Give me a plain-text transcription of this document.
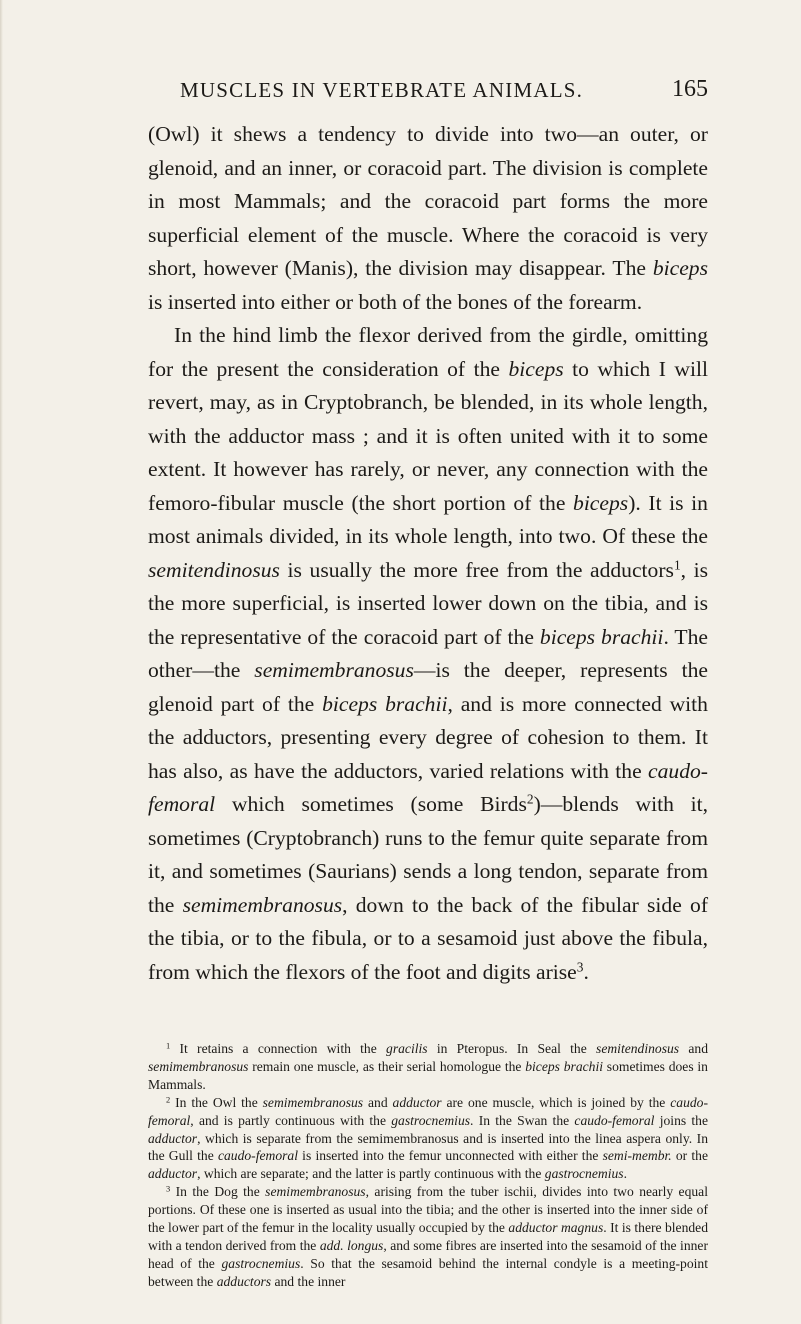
MUSCLES IN VERTEBRATE ANIMALS.	165

(Owl) it shews a tendency to divide into two—an outer, or glenoid, and an inner, or coracoid part. The division is complete in most Mammals; and the coracoid part forms the more superficial element of the muscle. Where the coracoid is very short, however (Manis), the division may disappear. The biceps is inserted into either or both of the bones of the forearm.

In the hind limb the flexor derived from the girdle, omitting for the present the consideration of the biceps to which I will revert, may, as in Cryptobranch, be blended, in its whole length, with the adductor mass ; and it is often united with it to some extent. It however has rarely, or never, any connection with the femoro-fibular muscle (the short portion of the biceps). It is in most animals divided, in its whole length, into two. Of these the semitendinosus is usually the more free from the adductors$^1$, is the more superficial, is inserted lower down on the tibia, and is the representative of the coracoid part of the biceps brachii. The other—the semimembranosus—is the deeper, represents the glenoid part of the biceps brachii, and is more connected with the adductors, presenting every degree of cohesion to them. It has also, as have the adductors, varied relations with the caudo-femoral which sometimes (some Birds$^2$)—blends with it, sometimes (Cryptobranch) runs to the femur quite separate from it, and sometimes (Saurians) sends a long tendon, separate from the semimembranosus, down to the back of the fibular side of the tibia, or to the fibula, or to a sesamoid just above the fibula, from which the flexors of the foot and digits arise$^3$.

$^1$ It retains a connection with the gracilis in Pteropus. In Seal the semitendinosus and semimembranosus remain one muscle, as their serial homologue the biceps brachii sometimes does in Mammals.

$^2$ In the Owl the semimembranosus and adductor are one muscle, which is joined by the caudo-femoral, and is partly continuous with the gastrocnemius. In the Swan the caudo-femoral joins the adductor, which is separate from the semimembranosus and is inserted into the linea aspera only. In the Gull the caudo-femoral is inserted into the femur unconnected with either the semi-membr. or the adductor, which are separate; and the latter is partly continuous with the gastrocnemius.

$^3$ In the Dog the semimembranosus, arising from the tuber ischii, divides into two nearly equal portions. Of these one is inserted as usual into the tibia; and the other is inserted into the inner side of the lower part of the femur in the locality usually occupied by the adductor magnus. It is there blended with a tendon derived from the add. longus, and some fibres are inserted into the sesamoid of the inner head of the gastrocnemius. So that the sesamoid behind the internal condyle is a meeting-point between the adductors and the inner
